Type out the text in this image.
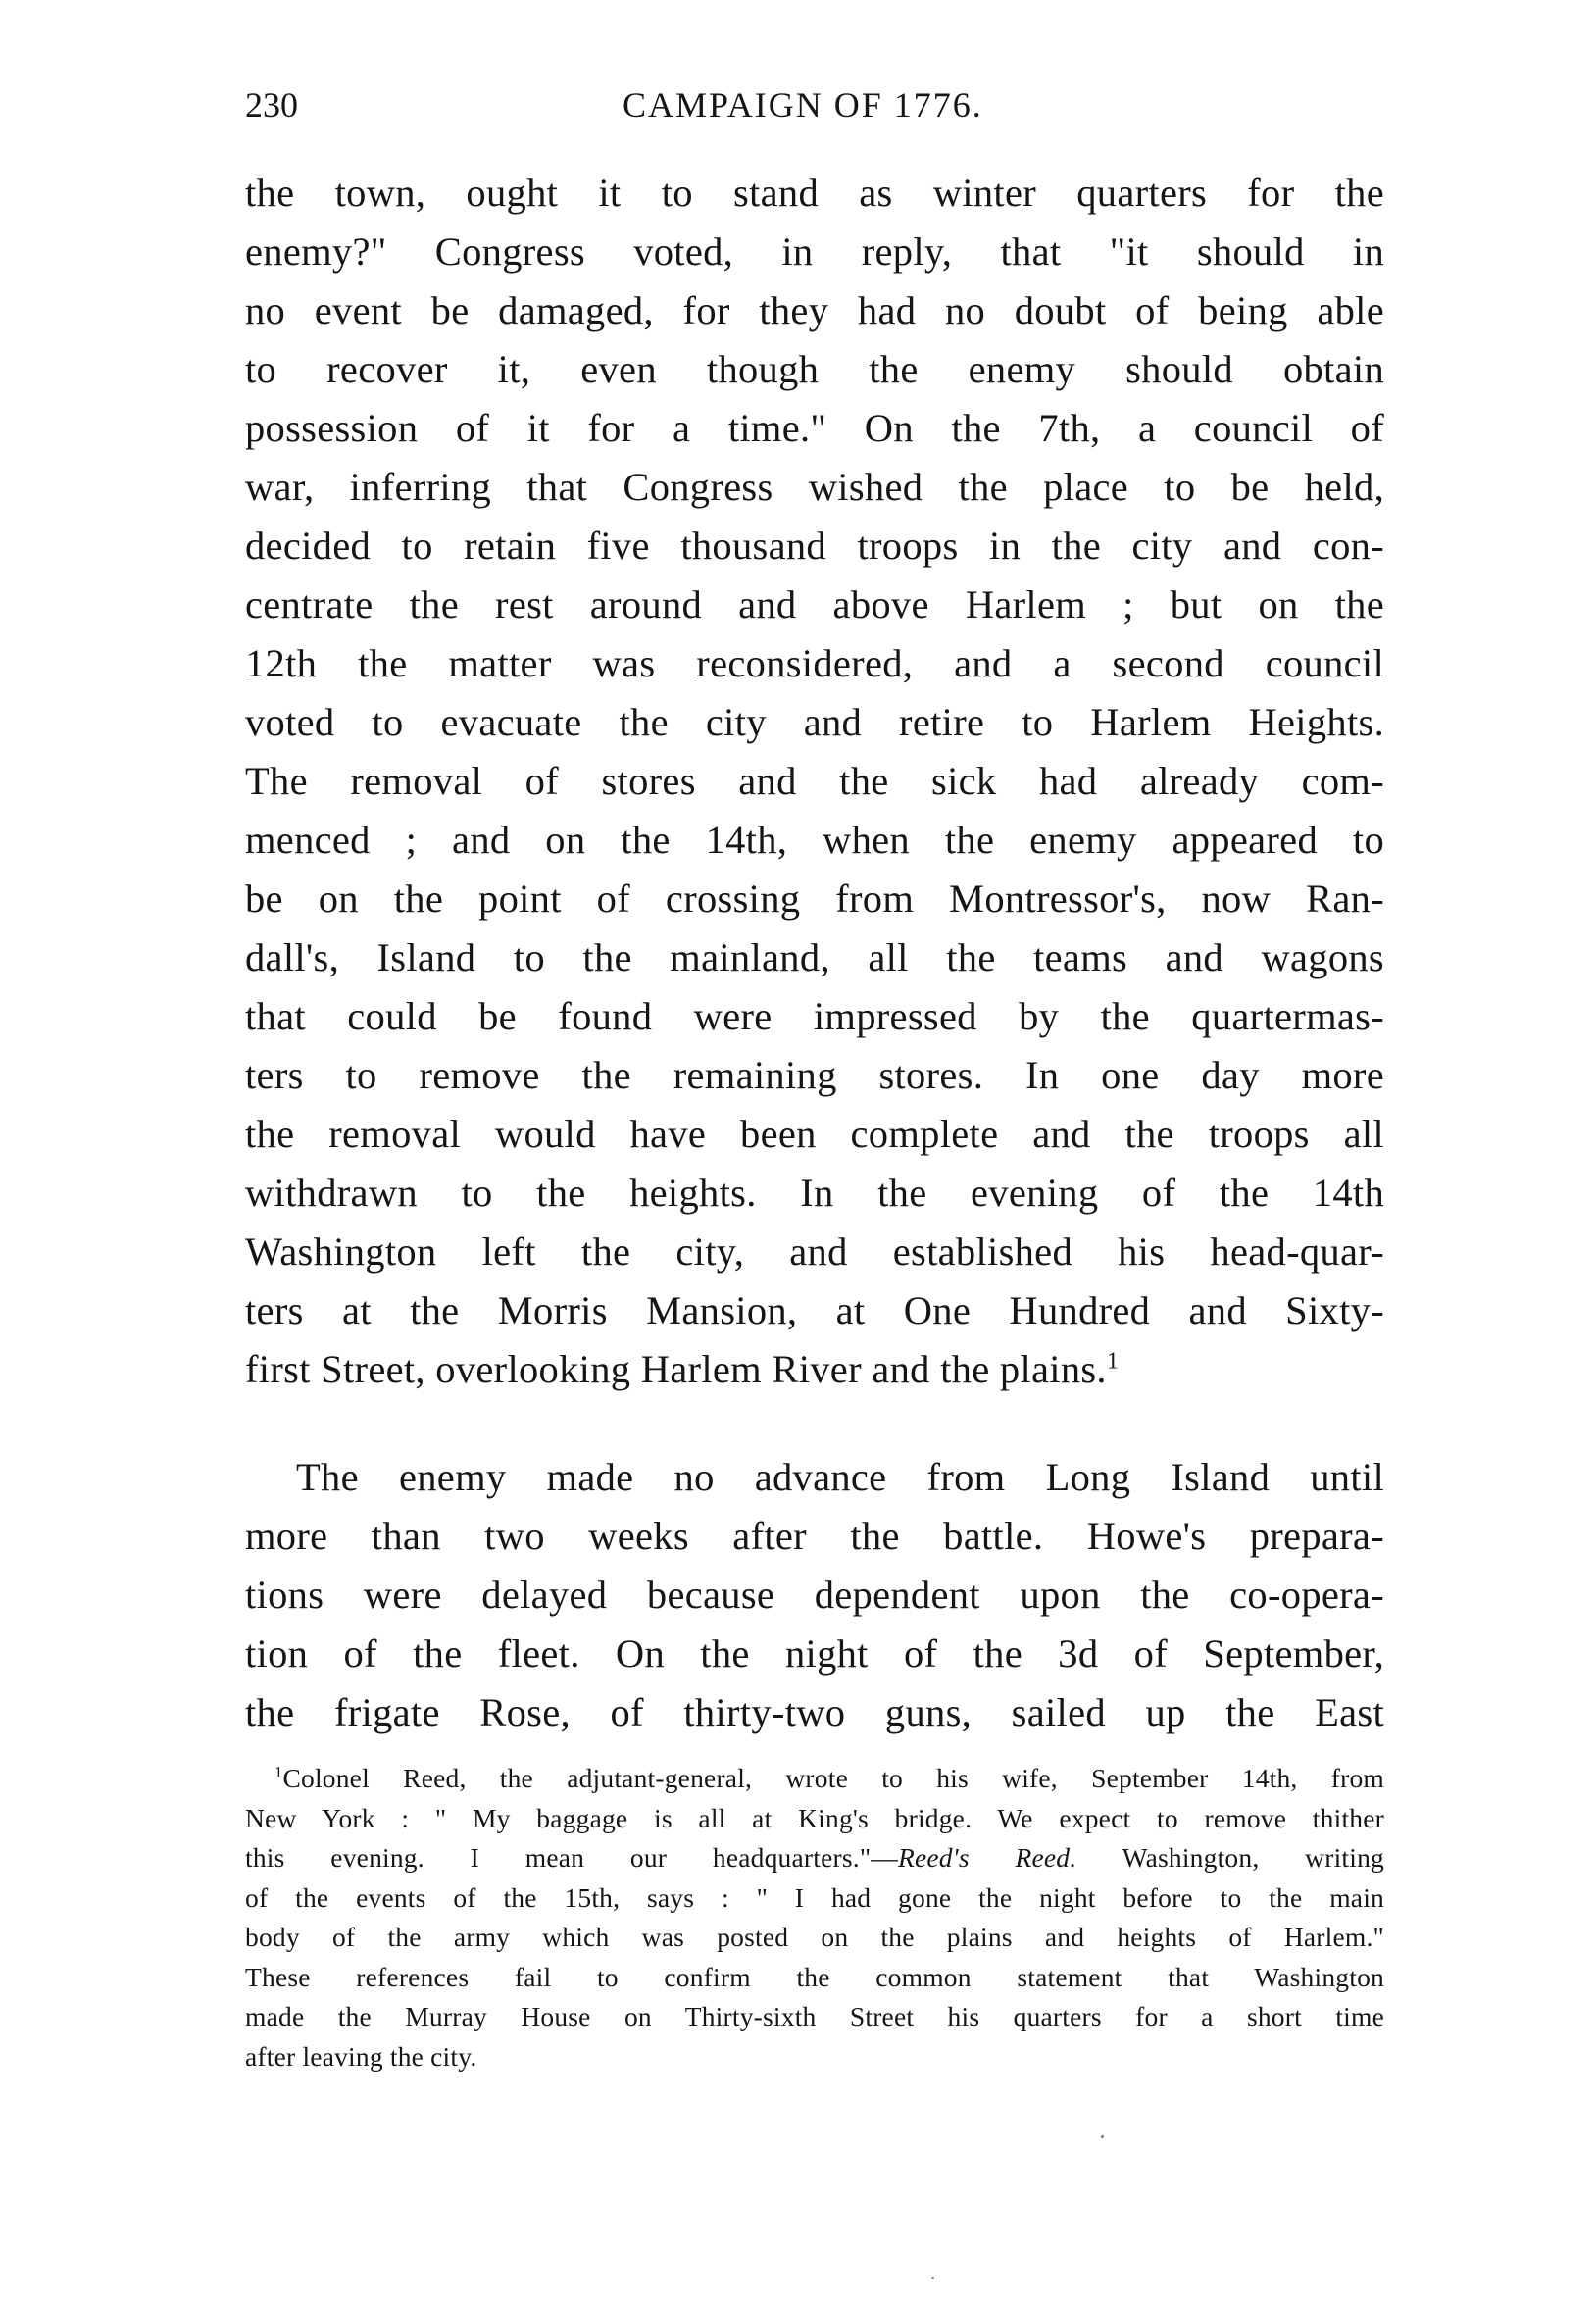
230	CAMPAIGN OF 1776.
the town, ought it to stand as winter quarters for the
enemy?" Congress voted, in reply, that "it should in
no event be damaged, for they had no doubt of being able
to recover it, even though the enemy should obtain
possession of it for a time." On the 7th, a council of
war, inferring that Congress wished the place to be held,
decided to retain five thousand troops in the city and con-
centrate the rest around and above Harlem ; but on the
12th the matter was reconsidered, and a second council
voted to evacuate the city and retire to Harlem Heights.
The removal of stores and the sick had already com-
menced ; and on the 14th, when the enemy appeared to
be on the point of crossing from Montressor's, now Ran-
dall's, Island to the mainland, all the teams and wagons
that could be found were impressed by the quartermas-
ters to remove the remaining stores. In one day more
the removal would have been complete and the troops all
withdrawn to the heights. In the evening of the 14th
Washington left the city, and established his head-quar-
ters at the Morris Mansion, at One Hundred and Sixty-
first Street, overlooking Harlem River and the plains.$^1$
The enemy made no advance from Long Island until
more than two weeks after the battle. Howe's prepara-
tions were delayed because dependent upon the co-opera-
tion of the fleet. On the night of the 3d of September,
the frigate Rose, of thirty-two guns, sailed up the East
$^1$Colonel Reed, the adjutant-general, wrote to his wife, September 14th, from
New York : " My baggage is all at King's bridge. We expect to remove thither
this evening. I mean our headquarters."—Reed's Reed. Washington, writing
of the events of the 15th, says : " I had gone the night before to the main
body of the army which was posted on the plains and heights of Harlem."
These references fail to confirm the common statement that Washington
made the Murray House on Thirty-sixth Street his quarters for a short time
after leaving the city.
